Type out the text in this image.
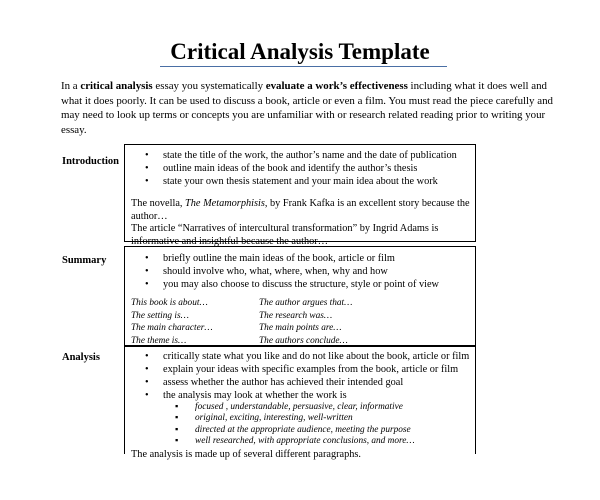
Critical Analysis Template
In a critical analysis essay you systematically evaluate a work’s effectiveness including what it does well and what it does poorly. It can be used to discuss a book, article or even a film. You must read the piece carefully and may need to look up terms or concepts you are unfamiliar with or research related reading prior to writing your essay.
Introduction
• state the title of the work, the author’s name and the date of publication
• outline main ideas of the book and identify the author’s thesis
• state your own thesis statement and your main idea about the work
The novella, The Metamorphisis, by Frank Kafka is an excellent story because the author…
The article “Narratives of intercultural transformation” by Ingrid Adams is informative and insightful because the author…
Summary	• briefly outline the main ideas of the book, article or film
• should involve who, what, where, when, why and how
• you may also choose to discuss the structure, style or point of view
This book is about…	The author argues that…
The setting is…	The research was…
The main character…	The main points are…
The theme is…	The authors conclude…
Analysis	• critically state what you like and do not like about the book, article or film
• explain your ideas with specific examples from the book, article or film
• assess whether the author has achieved their intended goal
• the analysis may look at whether the work is
▪ focused , understandable, persuasive, clear, informative
▪ original, exciting, interesting, well-written
▪ directed at the appropriate audience, meeting the purpose
▪ well researched, with appropriate conclusions, and more…
The analysis is made up of several different paragraphs.
